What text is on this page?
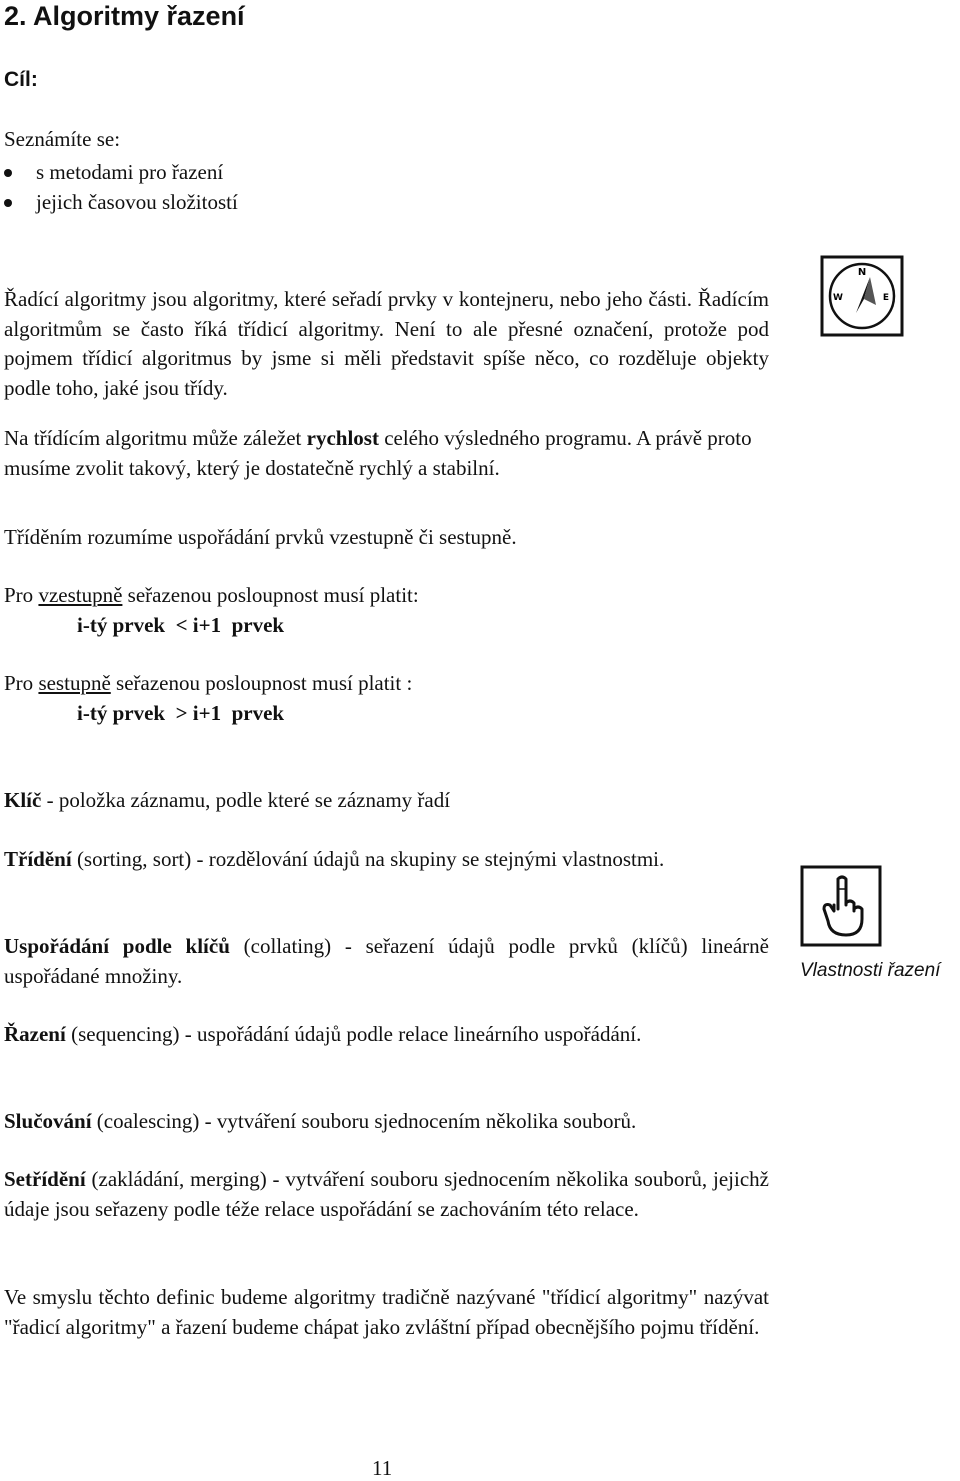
2. Algoritmy řazení
Cíl:
Seznámíte se:
s metodami pro řazení
jejich časovou složitostí

Řadící algoritmy jsou algoritmy, které seřadí prvky v kontejneru, nebo jeho části. Řadícím algoritmům se často říká třídicí algoritmy. Není to ale přesné označení, protože pod pojmem třídicí algoritmus by jsme si měli představit spíše něco, co rozděluje objekty podle toho, jaké jsou třídy.

Na třídícím algoritmu může záležet rychlost celého výsledného programu. A právě proto musíme zvolit takový, který je dostatečně rychlý a stabilní.

Tříděním rozumíme uspořádání prvků vzestupně či sestupně.

Pro vzestupně seřazenou posloupnost musí platit:

i-tý prvek  < i+1  prvek

Pro sestupně seřazenou posloupnost musí platit :

i-tý prvek  > i+1  prvek

Klíč - položka záznamu, podle které se záznamy řadí

Třídění (sorting, sort) - rozdělování údajů na skupiny se stejnými vlastnostmi.

Uspořádání podle klíčů (collating) - seřazení údajů podle prvků (klíčů) lineárně uspořádané množiny.

Řazení (sequencing) - uspořádání údajů podle relace lineárního uspořádání.

Slučování (coalescing) - vytváření souboru sjednocením několika souborů.

Setřídění (zakládání, merging) - vytváření souboru sjednocením několika souborů, jejichž údaje jsou seřazeny podle téže relace uspořádání se zachováním této relace.

Ve smyslu těchto definic budeme algoritmy tradičně nazývané "třídicí algoritmy" nazývat "řadicí algoritmy" a řazení budeme chápat jako zvláštní případ obecnějšího pojmu třídění.

N
W	E
Vlastnosti řazení
11
